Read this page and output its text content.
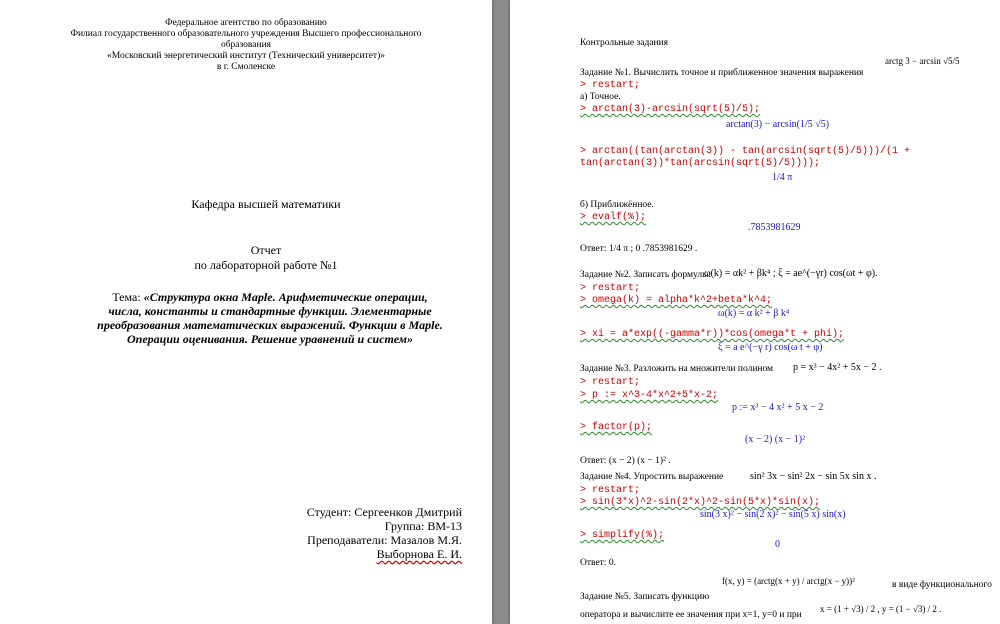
Федеральное агентство по образованию
Филиал государственного образовательного учреждения Высшего профессионального
образования
«Московский энергетический институт (Технический университет)»
в г. Смоленске
Кафедра высшей математики
Отчет
по лабораторной работе №1
Тема: «Структура окна Maple. Арифметические операции,
числа, константы и стандартные функции. Элементарные
преобразования математических выражений. Функции в Maple.
Операции оценивания. Решение уравнений и систем»
Студент: Сергеенков Дмитрий
Группа: ВМ-13
Преподаватели: Мазалов М.Я.
Выборнова Е. И.
Контрольные задания
Задание №1. Вычислить точное и приближенное значения выражения
arctg 3 − arcsin √5/5
> restart;
а) Точное.
> arctan(3)-arcsin(sqrt(5)/5);
arctan(3) − arcsin(1/5 √5)
> arctan((tan(arctan(3)) - tan(arcsin(sqrt(5)/5)))/(1 +
tan(arctan(3))*tan(arcsin(sqrt(5)/5))));
1/4 π
б) Приближённое.
> evalf(%);
.7853981629
Ответ: 1/4 π ; 0 .7853981629 .
Задание №2. Записать формулы:
ω(k) = αk² + βk⁴ ; ξ = ae^(−γr) cos(ωt + φ).
> restart;
> omega(k) = alpha*k^2+beta*k^4;
ω(k) = α k² + β k⁴
> xi = a*exp((-gamma*r))*cos(omega*t + phi);
ξ = a e^(−γ r) cos(ω t + φ)
Задание №3. Разложить на множители полином p = x³ − 4x² + 5x − 2 .
> restart;
> p := x^3-4*x^2+5*x-2;
p := x³ − 4 x² + 5 x − 2
> factor(p);
(x − 2) (x − 1)²
Ответ: (x − 2) (x − 1)² .
Задание №4. Упростить выражение	sin² 3x − sin² 2x − sin 5x sin x .
> restart;
> sin(3*x)^2-sin(2*x)^2-sin(5*x)*sin(x);
sin(3 x)² − sin(2 x)² − sin(5 x) sin(x)
> simplify(%);
0
Ответ: 0.
Задание №5. Записать функцию
f(x, y) = (arctg(x + y) / arctg(x − y))²	в виде функционального
оператора и вычислите ее значения при x=1, y=0 и при
x = (1 + √3) / 2 , y = (1 − √3) / 2 .
